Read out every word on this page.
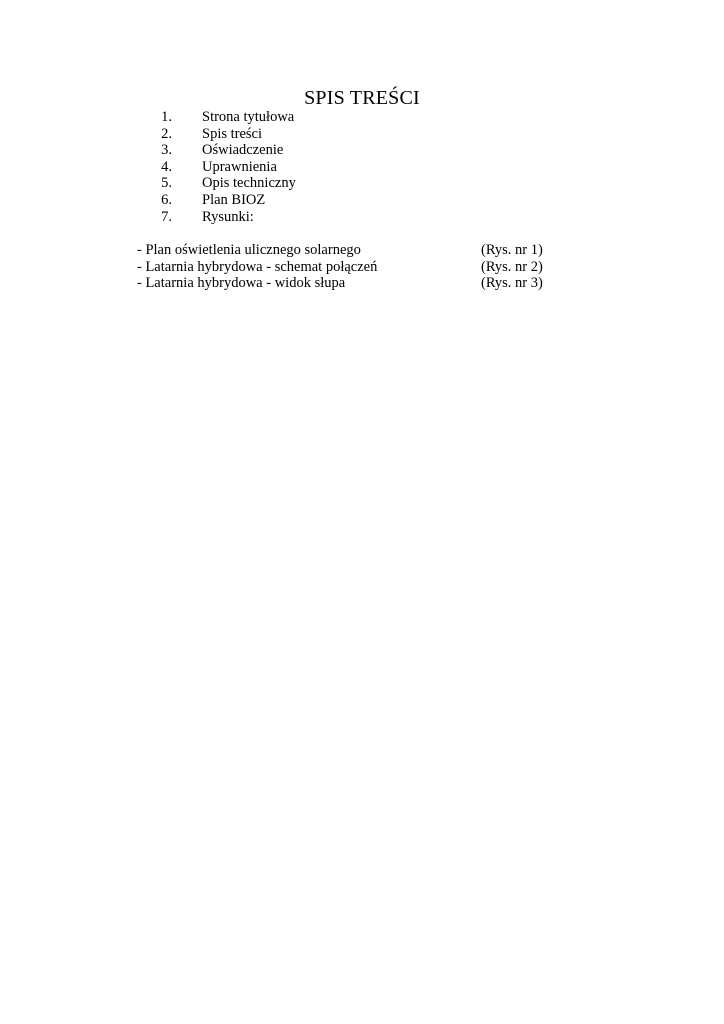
SPIS TREŚCI
1. Strona tytułowa
2. Spis treści
3. Oświadczenie
4. Uprawnienia
5. Opis techniczny
6. Plan BIOZ
7. Rysunki:
- Plan oświetlenia ulicznego solarnego	(Rys. nr 1)
- Latarnia hybrydowa - schemat połączeń	(Rys. nr 2)
- Latarnia hybrydowa - widok słupa	(Rys. nr 3)
